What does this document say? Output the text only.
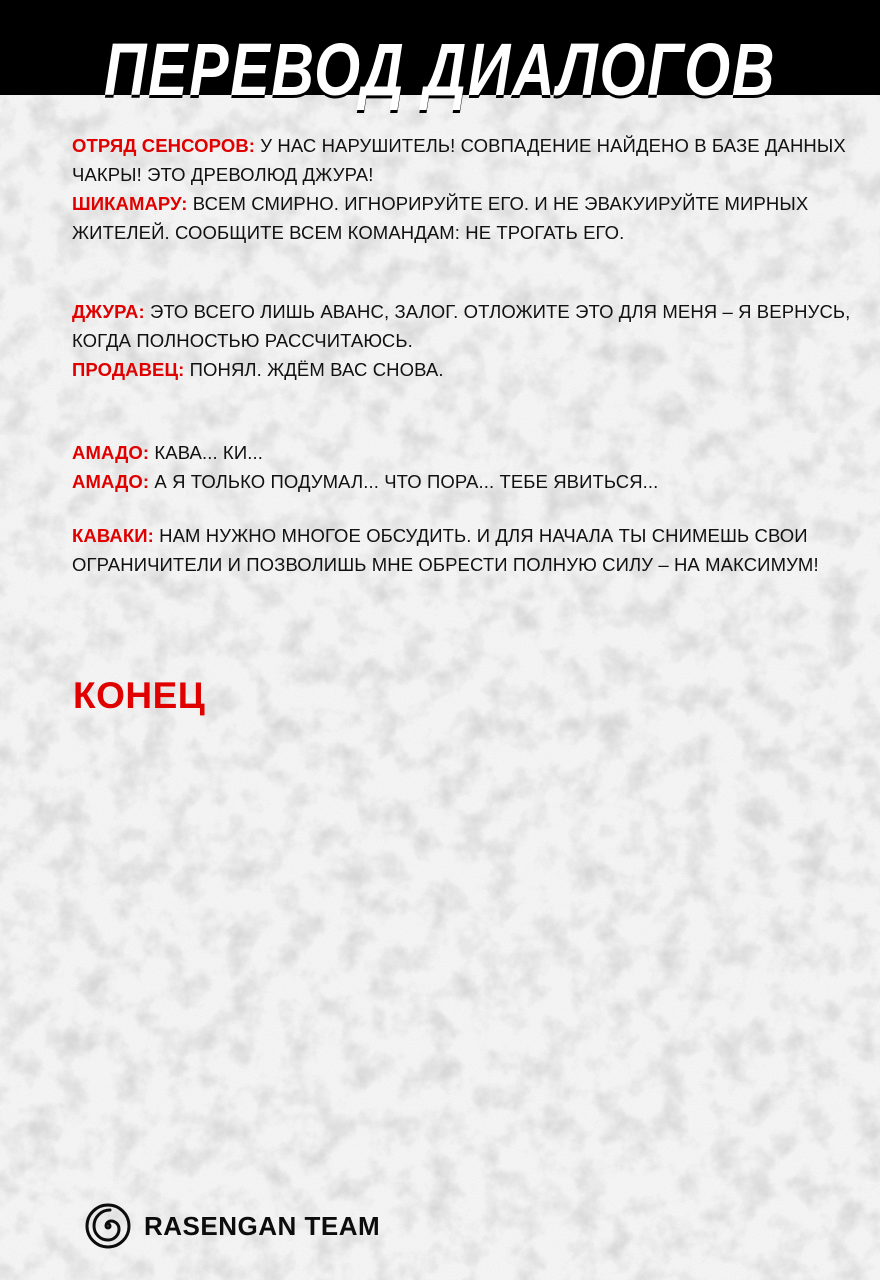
ПЕРЕВОД ДИАЛОГОВ
ОТРЯД СЕНСОРОВ: У НАС НАРУШИТЕЛЬ! СОВПАДЕНИЕ НАЙДЕНО В БАЗЕ ДАННЫХ
ЧАКРЫ! ЭТО ДРЕВОЛЮД ДЖУРА!
ШИКАМАРУ: ВСЕМ СМИРНО. ИГНОРИРУЙТЕ ЕГО. И НЕ ЭВАКУИРУЙТЕ МИРНЫХ
ЖИТЕЛЕЙ. СООБЩИТЕ ВСЕМ КОМАНДАМ: НЕ ТРОГАТЬ ЕГО.
ДЖУРА: ЭТО ВСЕГО ЛИШЬ АВАНС, ЗАЛОГ. ОТЛОЖИТЕ ЭТО ДЛЯ МЕНЯ – Я ВЕРНУСЬ,
КОГДА ПОЛНОСТЬЮ РАССЧИТАЮСЬ.
ПРОДАВЕЦ: ПОНЯЛ. ЖДЁМ ВАС СНОВА.
АМАДО: КАВА... КИ...
АМАДО: А Я ТОЛЬКО ПОДУМАЛ... ЧТО ПОРА... ТЕБЕ ЯВИТЬСЯ...
КАВАКИ: НАМ НУЖНО МНОГОЕ ОБСУДИТЬ. И ДЛЯ НАЧАЛА ТЫ СНИМЕШЬ СВОИ
ОГРАНИЧИТЕЛИ И ПОЗВОЛИШЬ МНЕ ОБРЕСТИ ПОЛНУЮ СИЛУ – НА МАКСИМУМ!
КОНЕЦ
RASENGAN TEAM
